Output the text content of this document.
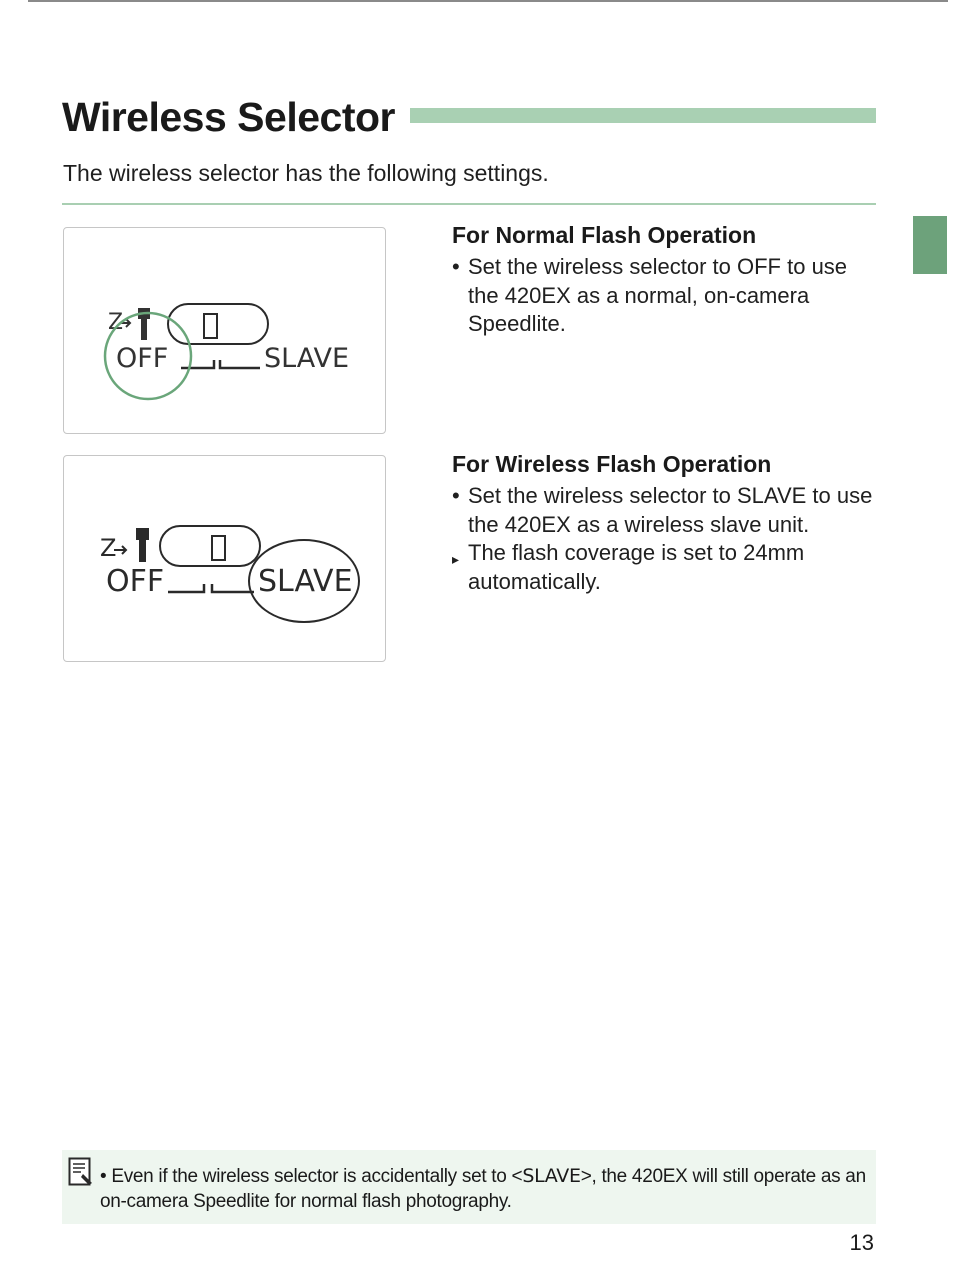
Wireless Selector
The wireless selector has the following settings.
Z
OFF	SLAVE
Z
OFF	SLAVE
For Normal Flash Operation

• Set the wireless selector to OFF to use the 420EX as a normal, on-camera Speedlite.

For Wireless Flash Operation

• Set the wireless selector to SLAVE to use the 420EX as a wireless slave unit.

▸ The flash coverage is set to 24mm automatically.

• Even if the wireless selector is accidentally set to <SLAVE>, the 420EX will still operate as an on-camera Speedlite for normal flash photography.
13
